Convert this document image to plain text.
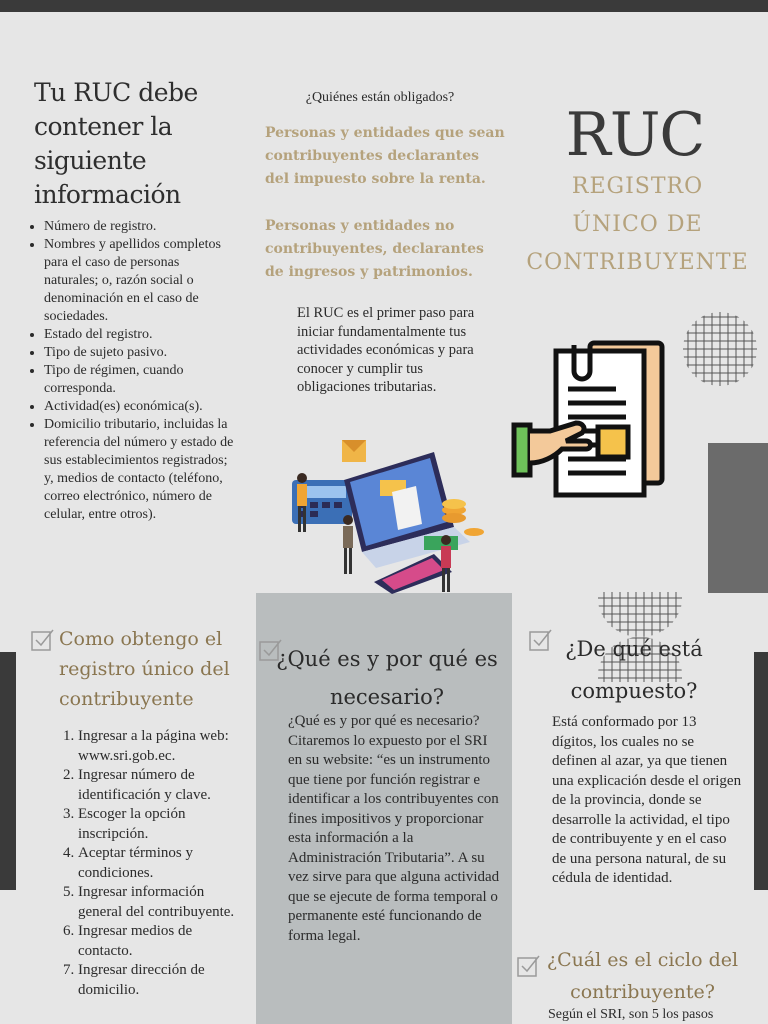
Tu RUC debe contener la siguiente información
• Número de registro.
• Nombres y apellidos completos para el caso de personas naturales; o, razón social o denominación en el caso de sociedades.
• Estado del registro.
• Tipo de sujeto pasivo.
• Tipo de régimen, cuando corresponda.
• Actividad(es) económica(s).
• Domicilio tributario, incluidas la referencia del número y estado de sus establecimientos registrados; y, medios de contacto (teléfono, correo electrónico, número de celular, entre otros).
¿Quiénes están obligados?

Personas y entidades que sean contribuyentes declarantes del impuesto sobre la renta.

Personas y entidades no contribuyentes, declarantes de ingresos y patrimonios.

El RUC es el primer paso para iniciar fundamentalmente tus actividades económicas y para conocer y cumplir tus obligaciones tributarias.

RUC
REGISTRO
ÚNICO DE
CONTRIBUYENTE
Como obtengo el registro único del contribuyente
1. Ingresar a la página web: www.sri.gob.ec.
2. Ingresar número de identificación y clave.
3. Escoger la opción inscripción.
4. Aceptar términos y condiciones.
5. Ingresar información general del contribuyente.
6. Ingresar medios de contacto.
7. Ingresar dirección de domicilio.
¿Qué es y por qué es necesario?

¿Qué es y por qué es necesario? Citaremos lo expuesto por el SRI en su website: “es un instrumento que tiene por función registrar e identificar a los contribuyentes con fines impositivos y proporcionar esta información a la Administración Tributaria”. A su vez sirve para que alguna actividad que se ejecute de forma temporal o permanente esté funcionando de forma legal.

¿De qué está compuesto?

Está conformado por 13 dígitos, los cuales no se definen al azar, ya que tienen una explicación desde el origen de la provincia, donde se desarrolle la actividad, el tipo de contribuyente y en el caso de una persona natural, de su cédula de identidad.

¿Cuál es el ciclo del contribuyente?

Según el SRI, son 5 los pasos
